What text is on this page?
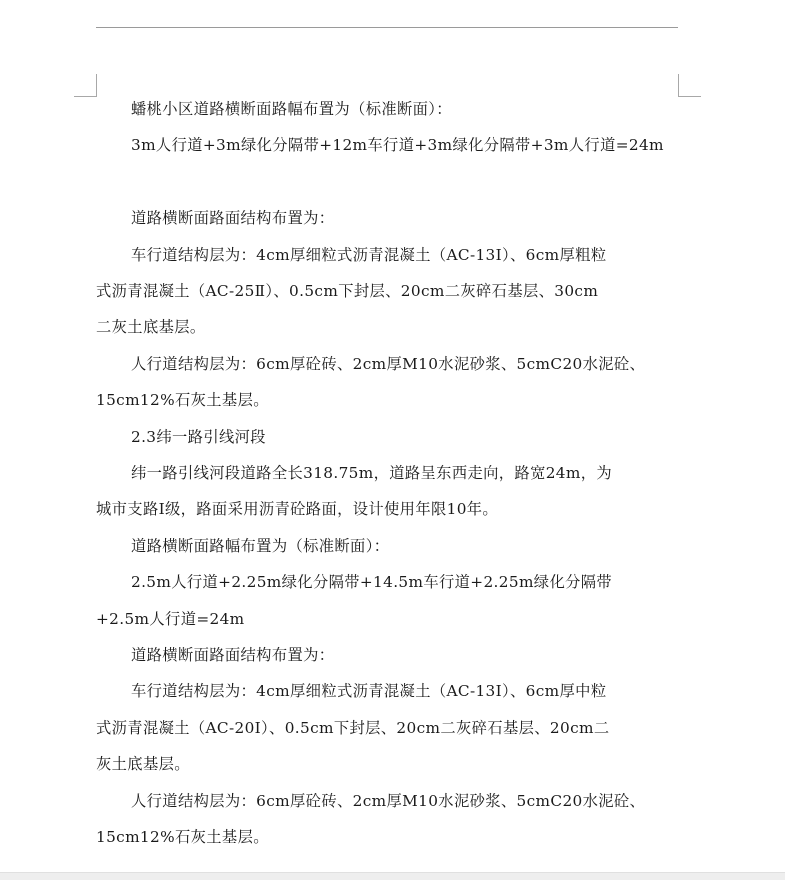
蟠桃小区道路横断面路幅布置为（标准断面）：

3m人行道+3m绿化分隔带+12m车行道+3m绿化分隔带+3m人行道=24m

道路横断面路面结构布置为：

车行道结构层为：4cm厚细粒式沥青混凝土（AC-13I）、6cm厚粗粒

式沥青混凝土（AC-25Ⅱ）、0.5cm下封层、20cm二灰碎石基层、30cm

二灰土底基层。

人行道结构层为：6cm厚砼砖、2cm厚M10水泥砂浆、5cmC20水泥砼、

15cm12%石灰土基层。

2.3纬一路引线河段

纬一路引线河段道路全长318.75m，道路呈东西走向，路宽24m，为

城市支路Ⅰ级，路面采用沥青砼路面，设计使用年限10年。

道路横断面路幅布置为（标准断面）：

2.5m人行道+2.25m绿化分隔带+14.5m车行道+2.25m绿化分隔带

+2.5m人行道=24m

道路横断面路面结构布置为：

车行道结构层为：4cm厚细粒式沥青混凝土（AC-13I）、6cm厚中粒

式沥青混凝土（AC-20I）、0.5cm下封层、20cm二灰碎石基层、20cm二

灰土底基层。

人行道结构层为：6cm厚砼砖、2cm厚M10水泥砂浆、5cmC20水泥砼、

15cm12%石灰土基层。
